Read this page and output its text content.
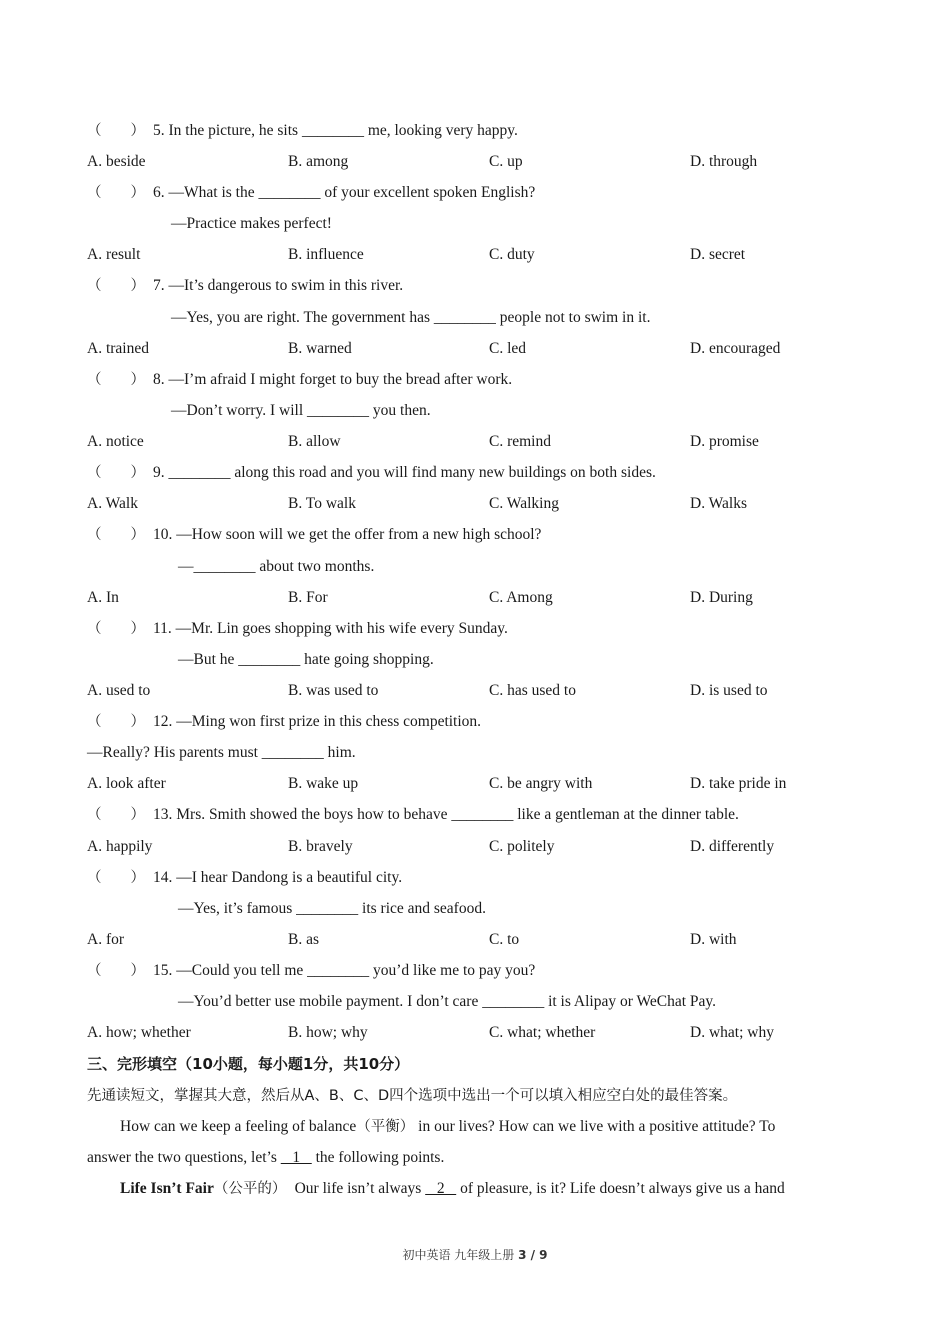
（　　） 5. In the picture, he sits ________ me, looking very happy.
A. beside	B. among	C. up	D. through
（　　） 6. —What is the ________ of your excellent spoken English?
—Practice makes perfect!
A. result	B. influence	C. duty	D. secret
（　　） 7. —It’s dangerous to swim in this river.
—Yes, you are right. The government has ________ people not to swim in it.
A. trained	B. warned	C. led	D. encouraged
（　　） 8. —I’m afraid I might forget to buy the bread after work.
—Don’t worry. I will ________ you then.
A. notice	B. allow	C. remind	D. promise
（　　） 9. ________ along this road and you will find many new buildings on both sides.
A. Walk	B. To walk	C. Walking	D. Walks
（　　） 10. —How soon will we get the offer from a new high school?
—________ about two months.
A. In	B. For	C. Among	D. During
（　　） 11. —Mr. Lin goes shopping with his wife every Sunday.
—But he ________ hate going shopping.
A. used to	B. was used to	C. has used to	D. is used to
（　　） 12. —Ming won first prize in this chess competition.
—Really? His parents must ________ him.
A. look after	B. wake up	C. be angry with	D. take pride in
（　　） 13. Mrs. Smith showed the boys how to behave ________ like a gentleman at the dinner table.
A. happily	B. bravely	C. politely	D. differently
（　　） 14. —I hear Dandong is a beautiful city.
—Yes, it’s famous ________ its rice and seafood.
A. for	B. as	C. to	D. with
（　　） 15. —Could you tell me ________ you’d like me to pay you?
—You’d better use mobile payment. I don’t care ________ it is Alipay or WeChat Pay.
A. how; whether	B. how; why	C. what; whether	D. what; why
三、完形填空（10小题，每小题1分，共10分）
先通读短文，掌握其大意，然后从A、B、C、D四个选项中选出一个可以填入相应空白处的最佳答案。
How can we keep a feeling of balance（平衡） in our lives? How can we live with a positive attitude? To
answer the two questions, let’s    1    the following points.
Life Isn’t Fair（公平的）　Our life isn’t always    2    of pleasure, is it? Life doesn’t always give us a hand
初中英语 九年级上册 3 / 9
